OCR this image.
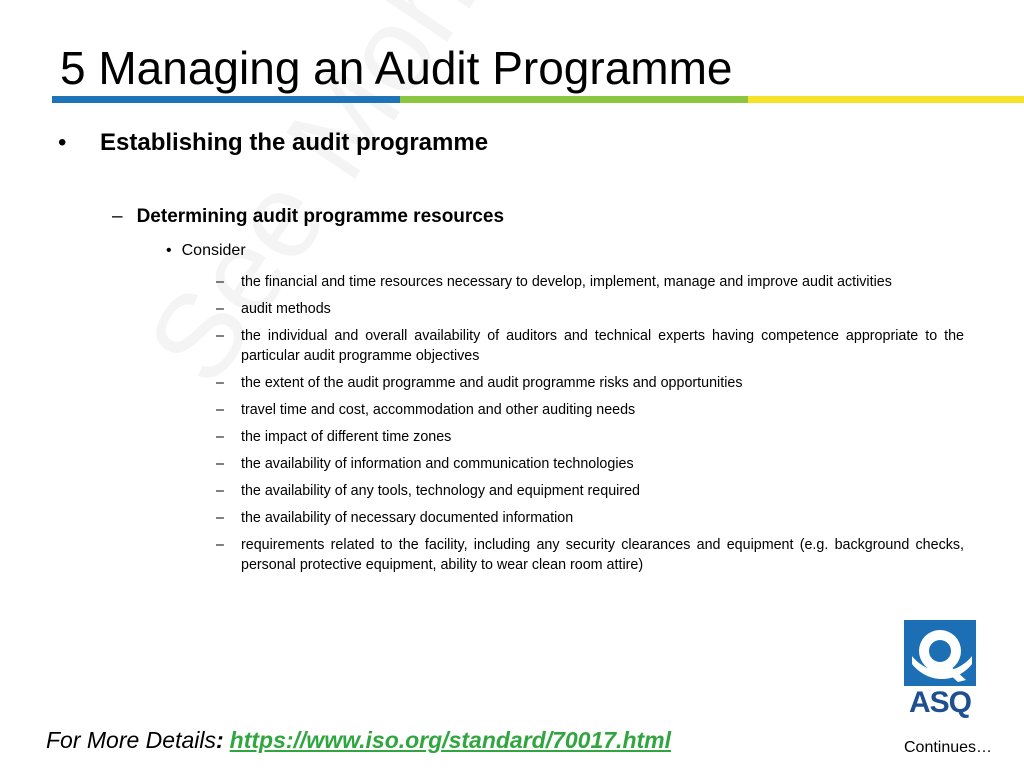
5 Managing an Audit Programme
• Establishing the audit programme
– Determining audit programme resources
• Consider
– the financial and time resources necessary to develop, implement, manage and improve audit activities
– audit methods
– the individual and overall availability of auditors and technical experts having competence appropriate to the particular audit programme objectives
– the extent of the audit programme and audit programme risks and opportunities
– travel time and cost, accommodation and other auditing needs
– the impact of different time zones
– the availability of information and communication technologies
– the availability of any tools, technology and equipment required
– the availability of necessary documented information
– requirements related to the facility, including any security clearances and equipment (e.g. background checks, personal protective equipment, ability to wear clean room attire)
ASQ
For More Details: https://www.iso.org/standard/70017.html	Continues…
